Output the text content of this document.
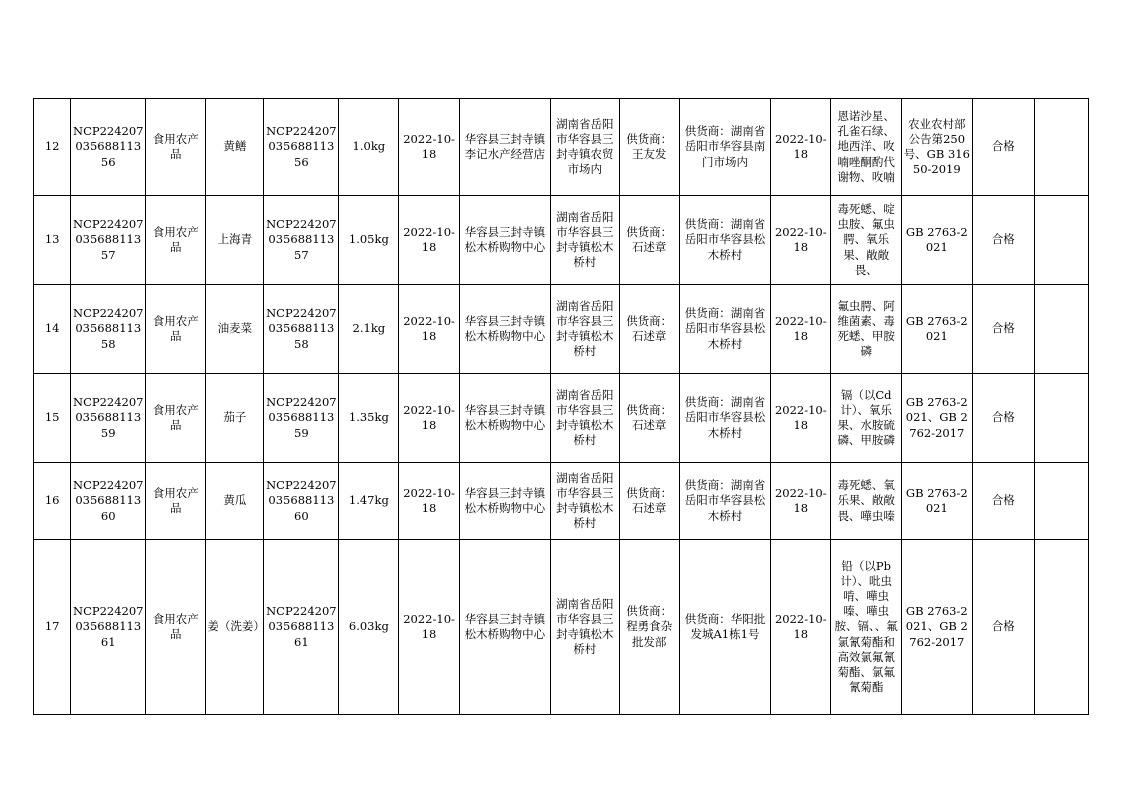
12	NCP22420703568811356	食用农产品	黄鳝	NCP22420703568811356	1.0kg	2022-10-18	华容县三封寺镇李记水产经营店	湖南省岳阳市华容县三封寺镇农贸市场内	供货商：王友发	供货商：湖南省岳阳市华容县南门市场内	2022-10-18	恩诺沙星、孔雀石绿、地西洋、呚喃唑酮酌代谢物、呚喃	农业农村部公告第250号、GB 31650-2019	合格	
13	NCP22420703568811357	食用农产品	上海青	NCP22420703568811357	1.05kg	2022-10-18	华容县三封寺镇松木桥购物中心	湖南省岳阳市华容县三封寺镇松木桥村	供货商：石述章	供货商：湖南省岳阳市华容县松木桥村	2022-10-18	毒死蟋、啶虫胺、氟虫腭、氧乐果、敞敞畏、	GB 2763-2021	合格	
14	NCP22420703568811358	食用农产品	油麦菜	NCP22420703568811358	2.1kg	2022-10-18	华容县三封寺镇松木桥购物中心	湖南省岳阳市华容县三封寺镇松木桥村	供货商：石述章	供货商：湖南省岳阳市华容县松木桥村	2022-10-18	氟虫腭、阿维菌素、毒死蟋、甲胺磷	GB 2763-2021	合格	
15	NCP22420703568811359	食用农产品	茄子	NCP22420703568811359	1.35kg	2022-10-18	华容县三封寺镇松木桥购物中心	湖南省岳阳市华容县三封寺镇松木桥村	供货商：石述章	供货商：湖南省岳阳市华容县松木桥村	2022-10-18	镉（以Cd计）、氧乐果、水胺硫磷、甲胺磷	GB 2763-2021、GB 2762-2017	合格	
16	NCP22420703568811360	食用农产品	黄瓜	NCP22420703568811360	1.47kg	2022-10-18	华容县三封寺镇松木桥购物中心	湖南省岳阳市华容县三封寺镇松木桥村	供货商：石述章	供货商：湖南省岳阳市华容县松木桥村	2022-10-18	毒死蟋、氧乐果、敞敞畏、嘩虫嗪	GB 2763-2021	合格	
17	NCP22420703568811361	食用农产品	姜（洗姜）	NCP22420703568811361	6.03kg	2022-10-18	华容县三封寺镇松木桥购物中心	湖南省岳阳市华容县三封寺镇松木桥村	供货商：程勇食杂批发部	供货商：华阳批发城A1栋1号	2022-10-18	铅（以Pb计）、吡虫啃、嘩虫嗪、嘩虫胺、镉、、氟氯氰菊酯和高效氯氟氰菊酯、氯氟氰菊酯	GB 2763-2021、GB 2762-2017	合格	
